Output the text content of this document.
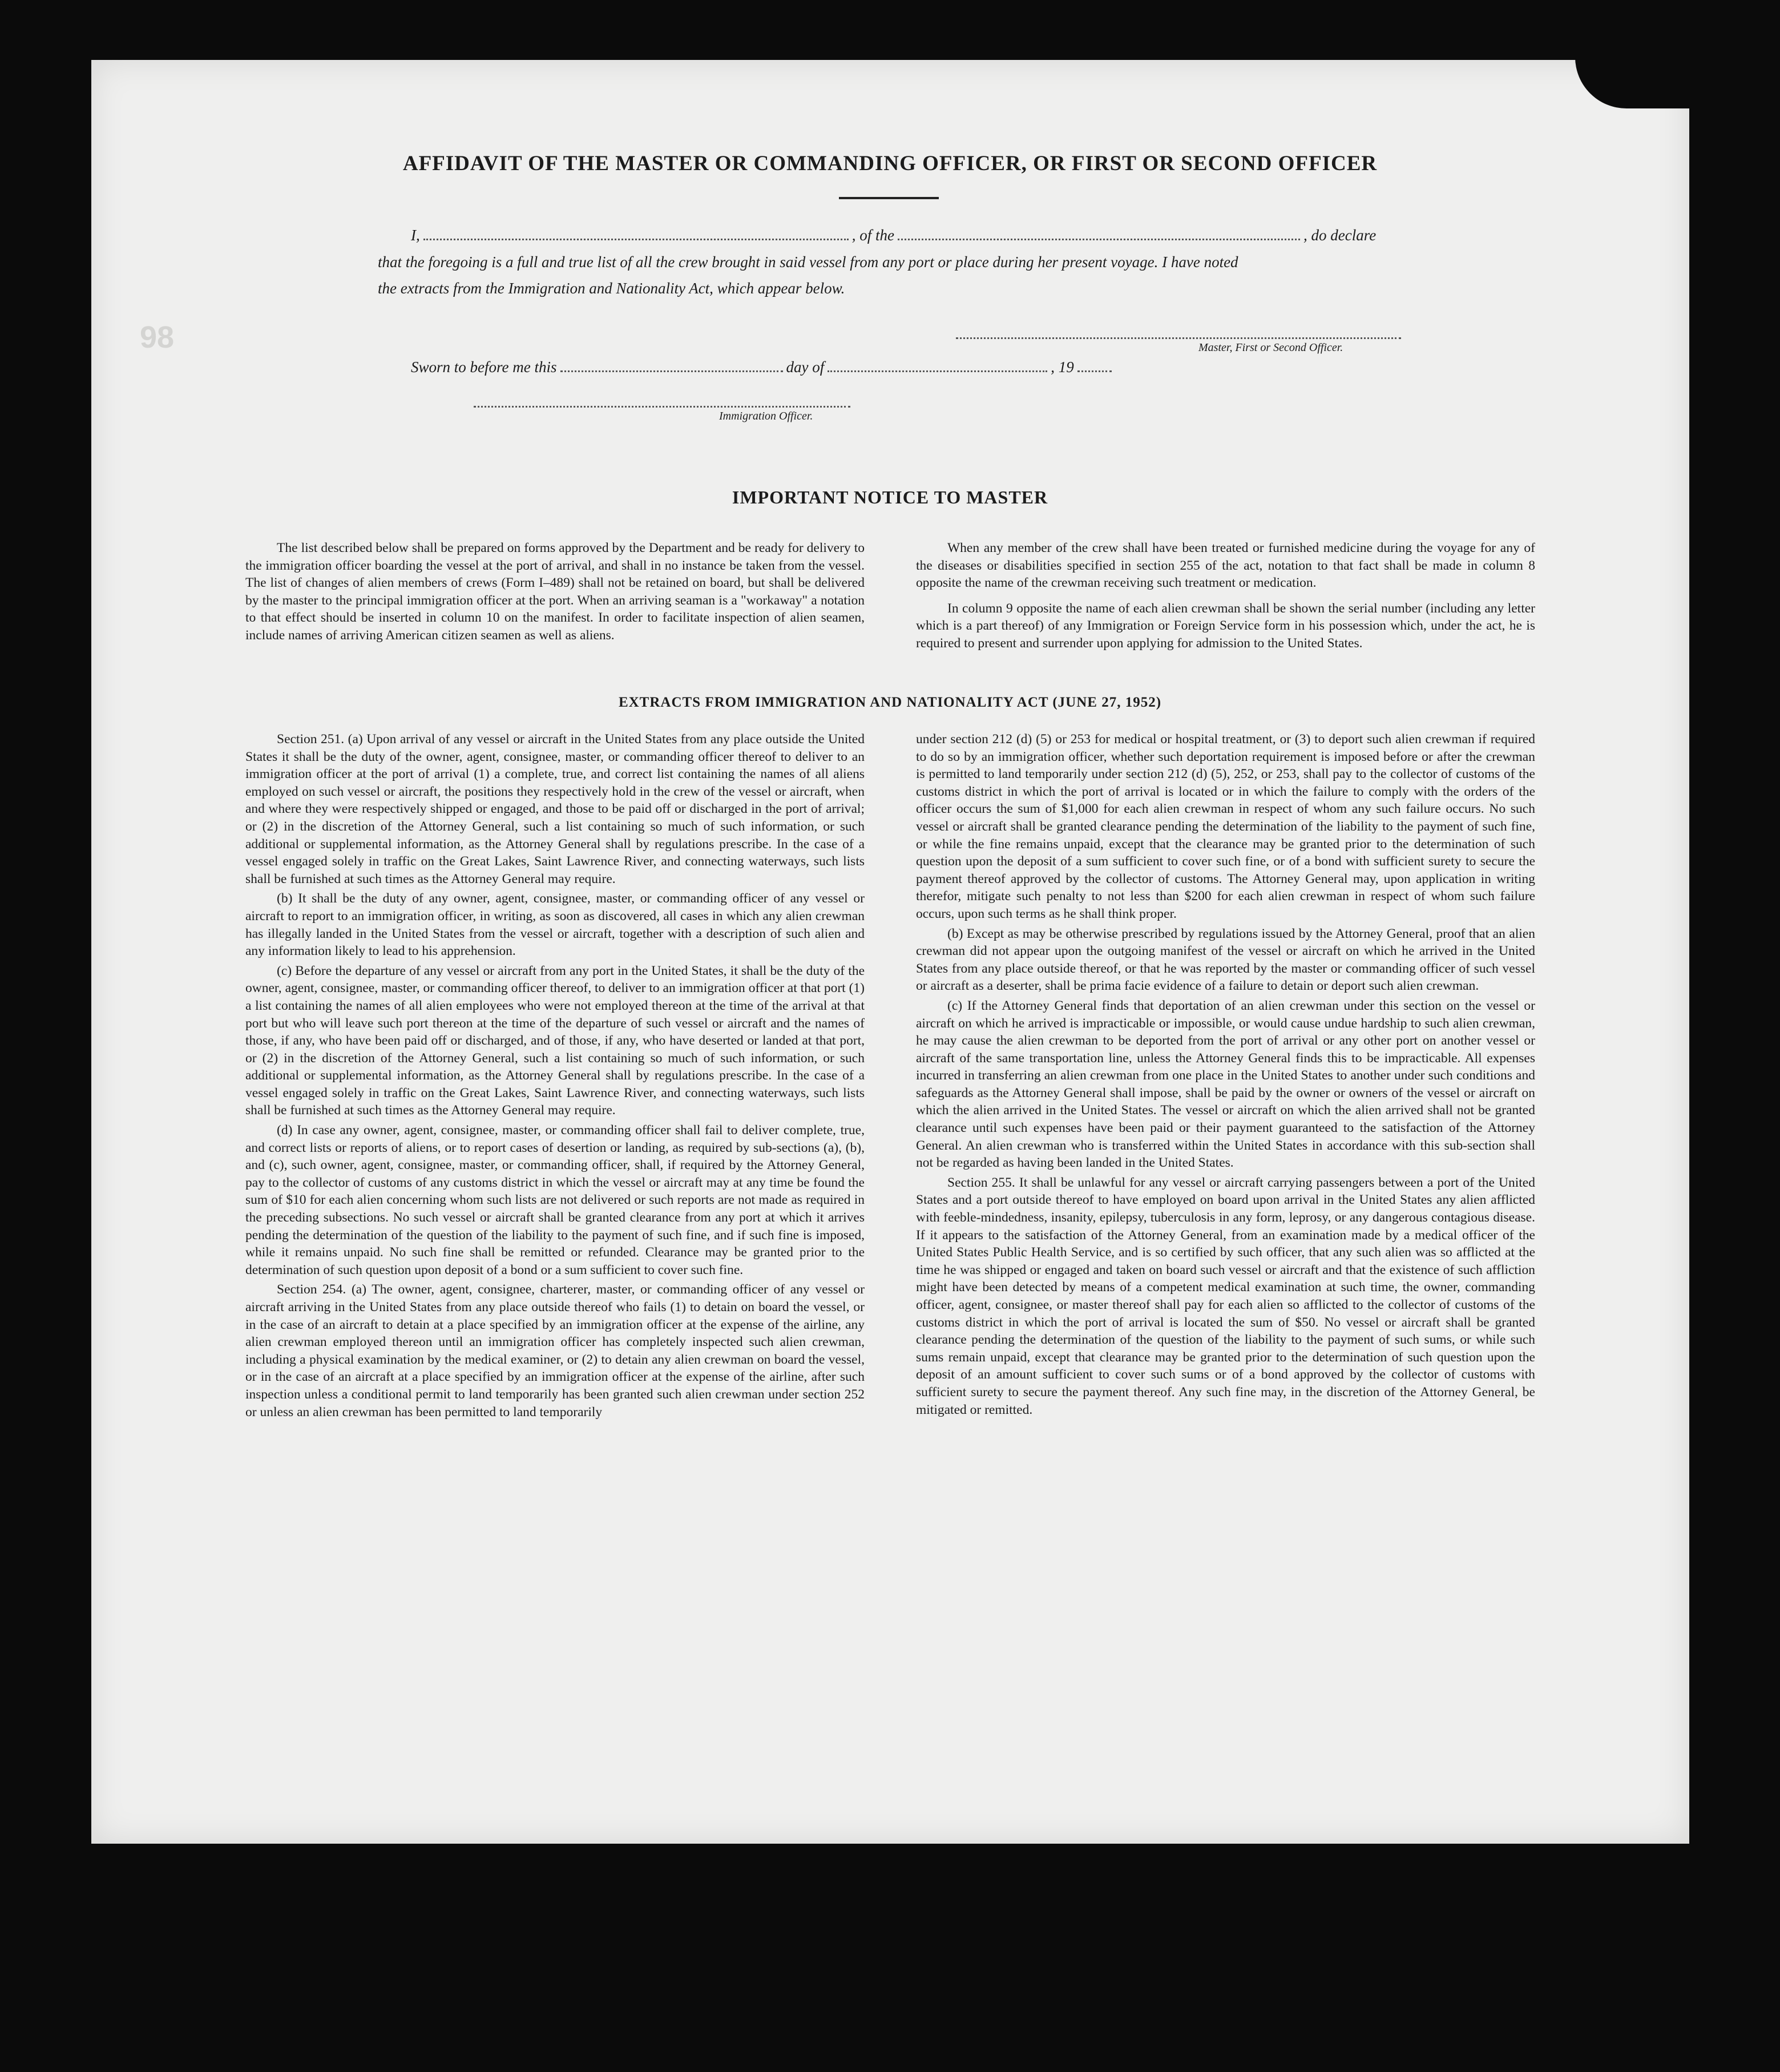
98
AFFIDAVIT OF THE MASTER OR COMMANDING OFFICER, OR FIRST OR SECOND OFFICER
I,	, of the	, do declare
that the foregoing is a full and true list of all the crew brought in said vessel from any port or place during her present voyage. I have noted
the extracts from the Immigration and Nationality Act, which appear below.
Master, First or Second Officer.
Sworn to before me this	day of	, 19
Immigration Officer.
IMPORTANT NOTICE TO MASTER

The list described below shall be prepared on forms approved by the Department and be ready for delivery to the immigration officer boarding the vessel at the port of arrival, and shall in no instance be taken from the vessel. The list of changes of alien members of crews (Form I–489) shall not be retained on board, but shall be delivered by the master to the principal immigration officer at the port. When an arriving seaman is a "workaway" a notation to that effect should be inserted in column 10 on the manifest. In order to facilitate inspection of alien seamen, include names of arriving American citizen seamen as well as aliens.

When any member of the crew shall have been treated or furnished medicine during the voyage for any of the diseases or disabilities specified in section 255 of the act, notation to that fact shall be made in column 8 opposite the name of the crewman receiving such treatment or medication.

In column 9 opposite the name of each alien crewman shall be shown the serial number (including any letter which is a part thereof) of any Immigration or Foreign Service form in his possession which, under the act, he is required to present and surrender upon applying for admission to the United States.

EXTRACTS FROM IMMIGRATION AND NATIONALITY ACT (JUNE 27, 1952)

Section 251. (a) Upon arrival of any vessel or aircraft in the United States from any place outside the United States it shall be the duty of the owner, agent, consignee, master, or commanding officer thereof to deliver to an immigration officer at the port of arrival (1) a complete, true, and correct list containing the names of all aliens employed on such vessel or aircraft, the positions they respectively hold in the crew of the vessel or aircraft, when and where they were respectively shipped or engaged, and those to be paid off or discharged in the port of arrival; or (2) in the discretion of the Attorney General, such a list containing so much of such information, or such additional or supplemental information, as the Attorney General shall by regulations prescribe. In the case of a vessel engaged solely in traffic on the Great Lakes, Saint Lawrence River, and connecting waterways, such lists shall be furnished at such times as the Attorney General may require.

(b) It shall be the duty of any owner, agent, consignee, master, or commanding officer of any vessel or aircraft to report to an immigration officer, in writing, as soon as discovered, all cases in which any alien crewman has illegally landed in the United States from the vessel or aircraft, together with a description of such alien and any information likely to lead to his apprehension.

(c) Before the departure of any vessel or aircraft from any port in the United States, it shall be the duty of the owner, agent, consignee, master, or commanding officer thereof, to deliver to an immigration officer at that port (1) a list containing the names of all alien employees who were not employed thereon at the time of the arrival at that port but who will leave such port thereon at the time of the departure of such vessel or aircraft and the names of those, if any, who have been paid off or discharged, and of those, if any, who have deserted or landed at that port, or (2) in the discretion of the Attorney General, such a list containing so much of such information, or such additional or supplemental information, as the Attorney General shall by regulations prescribe. In the case of a vessel engaged solely in traffic on the Great Lakes, Saint Lawrence River, and connecting waterways, such lists shall be furnished at such times as the Attorney General may require.

(d) In case any owner, agent, consignee, master, or commanding officer shall fail to deliver complete, true, and correct lists or reports of aliens, or to report cases of desertion or landing, as required by sub-sections (a), (b), and (c), such owner, agent, consignee, master, or commanding officer, shall, if required by the Attorney General, pay to the collector of customs of any customs district in which the vessel or aircraft may at any time be found the sum of $10 for each alien concerning whom such lists are not delivered or such reports are not made as required in the preceding subsections. No such vessel or aircraft shall be granted clearance from any port at which it arrives pending the determination of the question of the liability to the payment of such fine, and if such fine is imposed, while it remains unpaid. No such fine shall be remitted or refunded. Clearance may be granted prior to the determination of such question upon deposit of a bond or a sum sufficient to cover such fine.

Section 254. (a) The owner, agent, consignee, charterer, master, or commanding officer of any vessel or aircraft arriving in the United States from any place outside thereof who fails (1) to detain on board the vessel, or in the case of an aircraft to detain at a place specified by an immigration officer at the expense of the airline, any alien crewman employed thereon until an immigration officer has completely inspected such alien crewman, including a physical examination by the medical examiner, or (2) to detain any alien crewman on board the vessel, or in the case of an aircraft at a place specified by an immigration officer at the expense of the airline, after such inspection unless a conditional permit to land temporarily has been granted such alien crewman under section 252 or unless an alien crewman has been permitted to land temporarily

under section 212 (d) (5) or 253 for medical or hospital treatment, or (3) to deport such alien crewman if required to do so by an immigration officer, whether such deportation requirement is imposed before or after the crewman is permitted to land temporarily under section 212 (d) (5), 252, or 253, shall pay to the collector of customs of the customs district in which the port of arrival is located or in which the failure to comply with the orders of the officer occurs the sum of $1,000 for each alien crewman in respect of whom any such failure occurs. No such vessel or aircraft shall be granted clearance pending the determination of the liability to the payment of such fine, or while the fine remains unpaid, except that the clearance may be granted prior to the determination of such question upon the deposit of a sum sufficient to cover such fine, or of a bond with sufficient surety to secure the payment thereof approved by the collector of customs. The Attorney General may, upon application in writing therefor, mitigate such penalty to not less than $200 for each alien crewman in respect of whom such failure occurs, upon such terms as he shall think proper.

(b) Except as may be otherwise prescribed by regulations issued by the Attorney General, proof that an alien crewman did not appear upon the outgoing manifest of the vessel or aircraft on which he arrived in the United States from any place outside thereof, or that he was reported by the master or commanding officer of such vessel or aircraft as a deserter, shall be prima facie evidence of a failure to detain or deport such alien crewman.

(c) If the Attorney General finds that deportation of an alien crewman under this section on the vessel or aircraft on which he arrived is impracticable or impossible, or would cause undue hardship to such alien crewman, he may cause the alien crewman to be deported from the port of arrival or any other port on another vessel or aircraft of the same transportation line, unless the Attorney General finds this to be impracticable. All expenses incurred in transferring an alien crewman from one place in the United States to another under such conditions and safeguards as the Attorney General shall impose, shall be paid by the owner or owners of the vessel or aircraft on which the alien arrived in the United States. The vessel or aircraft on which the alien arrived shall not be granted clearance until such expenses have been paid or their payment guaranteed to the satisfaction of the Attorney General. An alien crewman who is transferred within the United States in accordance with this sub-section shall not be regarded as having been landed in the United States.

Section 255. It shall be unlawful for any vessel or aircraft carrying passengers between a port of the United States and a port outside thereof to have employed on board upon arrival in the United States any alien afflicted with feeble-mindedness, insanity, epilepsy, tuberculosis in any form, leprosy, or any dangerous contagious disease. If it appears to the satisfaction of the Attorney General, from an examination made by a medical officer of the United States Public Health Service, and is so certified by such officer, that any such alien was so afflicted at the time he was shipped or engaged and taken on board such vessel or aircraft and that the existence of such affliction might have been detected by means of a competent medical examination at such time, the owner, commanding officer, agent, consignee, or master thereof shall pay for each alien so afflicted to the collector of customs of the customs district in which the port of arrival is located the sum of $50. No vessel or aircraft shall be granted clearance pending the determination of the question of the liability to the payment of such sums, or while such sums remain unpaid, except that clearance may be granted prior to the determination of such question upon the deposit of an amount sufficient to cover such sums or of a bond approved by the collector of customs with sufficient surety to secure the payment thereof. Any such fine may, in the discretion of the Attorney General, be mitigated or remitted.
